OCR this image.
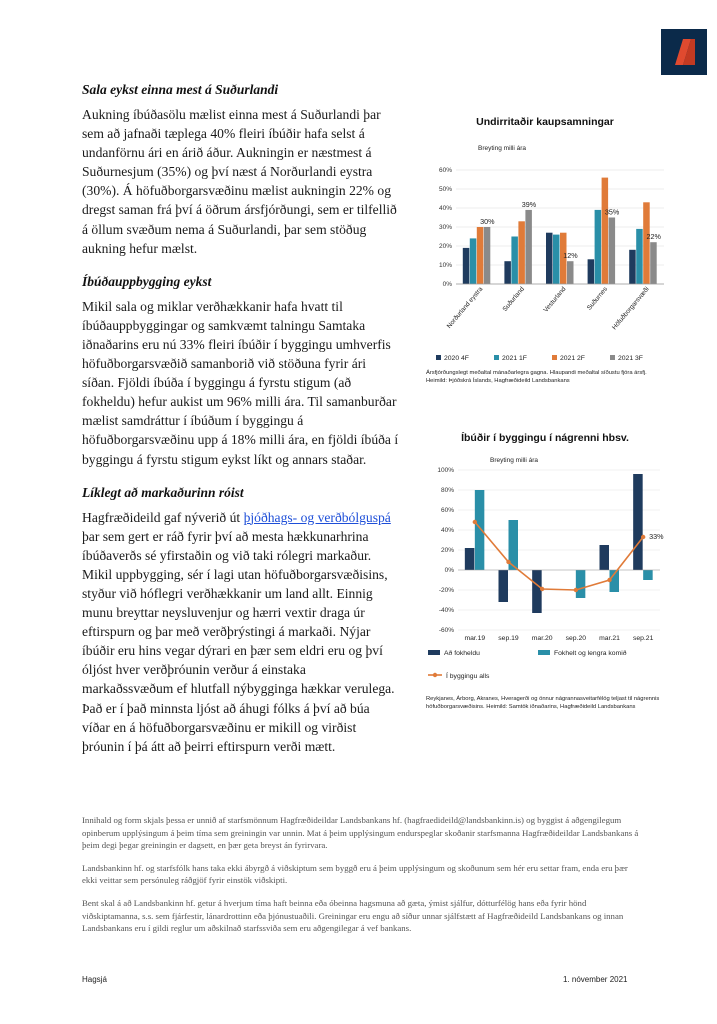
Sala eykst einna mest á Suðurlandi
Aukning íbúðasölu mælist einna mest á Suðurlandi þar sem að jafnaði tæplega 40% fleiri íbúðir hafa selst á undanförnu ári en árið áður. Aukningin er næstmest á Suðurnesjum (35%) og því næst á Norðurlandi eystra (30%). Á höfuðborgarsvæðinu mælist aukningin 22% og dregst saman frá því á öðrum ársfjórðungi, sem er tilfellið á öllum svæðum nema á Suðurlandi, þar sem stöðug aukning hefur mælst.
Íbúðauppbygging eykst
Mikil sala og miklar verðhækkanir hafa hvatt til íbúðauppbyggingar og samkvæmt talningu Samtaka iðnaðarins eru nú 33% fleiri íbúðir í byggingu umhverfis höfuðborgarsvæðið samanborið við stöðuna fyrir ári síðan. Fjöldi íbúða í byggingu á fyrstu stigum (að fokheldu) hefur aukist um 96% milli ára. Til samanburðar mælist samdráttur í íbúðum í byggingu á höfuðborgarsvæðinu upp á 18% milli ára, en fjöldi íbúða í byggingu á fyrstu stigum eykst líkt og annars staðar.
Líklegt að markaðurinn róist
Hagfræðideild gaf nýverið út þjóðhags- og verðbólguspá þar sem gert er ráð fyrir því að mesta hækkunarhrina íbúðaverðs sé yfirstaðin og við taki rólegri markaður. Mikil uppbygging, sér í lagi utan höfuðborgarsvæðisins, styður við hóflegri verðhækkanir um land allt. Einnig munu breyttar neysluvenjur og hærri vextir draga úr eftirspurn og þar með verðþrýstingi á markaði. Nýjar íbúðir eru hins vegar dýrari en þær sem eldri eru og því óljóst hver verðþróunin verður á einstaka markaðssvæðum ef hlutfall nýbygginga hækkar verulega. Það er í það minnsta ljóst að áhugi fólks á því að búa víðar en á höfuðborgarsvæðinu er mikill og virðist þróunin í þá átt að þeirri eftirspurn verði mætt.
Undirritaðir kaupsamningar
Breyting milli ára
0%
10%
20%
30%
40%
50%
60%
30%
Norðurland eystra
39%
Suðurland
12%
Vesturland
35%
Suðurnes
22%
Höfuðborgarsvæði
2020 4F	2021 1F	2021 2F	2021 3F
Ársfjórðungslegt meðaltal mánaðarlegra gagna. Hlaupandi meðaltal síðustu fjóra ársfj. Heimild: Þjóðskrá Íslands, Hagfræðideild Landsbankans
Íbúðir í byggingu í nágrenni hbsv.
Breyting milli ára
-60%
-40%
-20%
0%
20%
40%
60%
80%
100%
mar.19 sep.19 mar.20 sep.20 mar.21 sep.21
33%
Að fokheldu	Fokhelt og lengra komið
Í byggingu alls
Reykjanes, Árborg, Akranes, Hveragerði og önnur nágrannasveitarfélög teljast til nágrennis höfuðborgarsvæðisins. Heimild: Samtök iðnaðarins, Hagfræðideild Landsbankans

Innihald og form skjals þessa er unnið af starfsmönnum Hagfræðideildar Landsbankans hf. (hagfraedideild@landsbankinn.is) og byggist á aðgengilegum opinberum upplýsingum á þeim tíma sem greiningin var unnin. Mat á þeim upplýsingum endurspeglar skoðanir starfsmanna Hagfræðideildar Landsbankans á þeim degi þegar greiningin er dagsett, en þær geta breyst án fyrirvara.

Landsbankinn hf. og starfsfólk hans taka ekki ábyrgð á viðskiptum sem byggð eru á þeim upplýsingum og skoðunum sem hér eru settar fram, enda eru þær ekki veittar sem persónuleg ráðgjöf fyrir einstök viðskipti.

Bent skal á að Landsbankinn hf. getur á hverjum tíma haft beinna eða óbeinna hagsmuna að gæta, ýmist sjálfur, dótturfélög hans eða fyrir hönd viðskiptamanna, s.s. sem fjárfestir, lánardrottinn eða þjónustuaðili. Greiningar eru engu að síður unnar sjálfstætt af Hagfræðideild Landsbankans og innan Landsbankans eru í gildi reglur um aðskilnað starfssviða sem eru aðgengilegar á vef bankans.

Hagsjá	1. nóvember 2021
